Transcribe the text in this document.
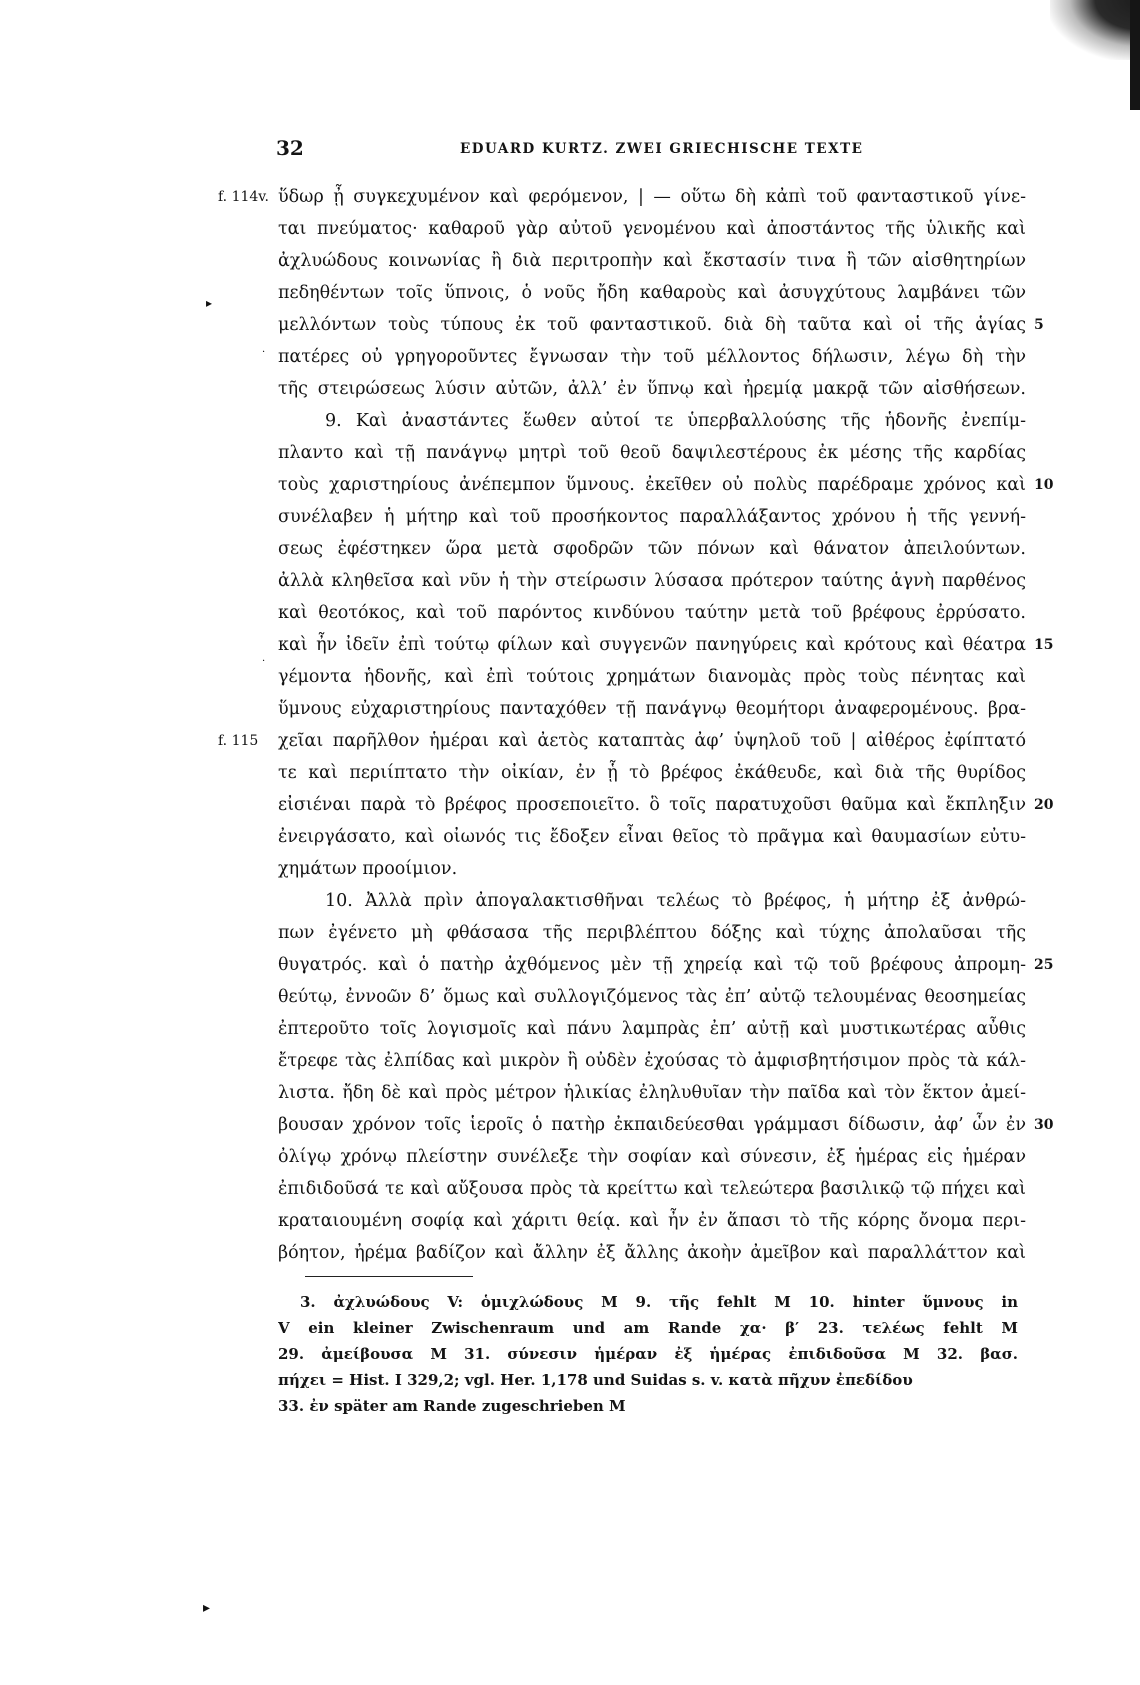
32	EDUARD KURTZ. ZWEI GRIECHISCHE TEXTE
f. 114v. ὕδωρ ᾖ συγκεχυμένον καὶ φερόμενον, | — οὕτω δὴ κἀπὶ τοῦ φανταστικοῦ γίνε-
ται πνεύματος· καθαροῦ γὰρ αὐτοῦ γενομένου καὶ ἀποστάντος τῆς ὑλικῆς καὶ
ἀχλυώδους κοινωνίας ἢ διὰ περιτροπὴν καὶ ἔκστασίν τινα ἢ τῶν αἰσθητηρίων
πεδηθέντων τοῖς ὕπνοις, ὁ νοῦς ἤδη καθαροὺς καὶ ἀσυγχύτους λαμβάνει τῶν
μελλόντων τοὺς τύπους ἐκ τοῦ φανταστικοῦ. διὰ δὴ ταῦτα καὶ οἱ τῆς ἁγίας 5
πατέρες οὐ γρηγοροῦντες ἔγνωσαν τὴν τοῦ μέλλοντος δήλωσιν, λέγω δὴ τὴν
τῆς στειρώσεως λύσιν αὐτῶν, ἀλλ’ ἐν ὕπνῳ καὶ ἠρεμίᾳ μακρᾷ τῶν αἰσθήσεων.
9. Καὶ ἀναστάντες ἕωθεν αὐτοί τε ὑπερβαλλούσης τῆς ἡδονῆς ἐνεπίμ-
πλαντο καὶ τῇ πανάγνῳ μητρὶ τοῦ θεοῦ δαψιλεστέρους ἐκ μέσης τῆς καρδίας
τοὺς χαριστηρίους ἀνέπεμπον ὕμνους. ἐκεῖθεν οὐ πολὺς παρέδραμε χρόνος καὶ 10
συνέλαβεν ἡ μήτηρ καὶ τοῦ προσήκοντος παραλλάξαντος χρόνου ἡ τῆς γεννή-
σεως ἐφέστηκεν ὥρα μετὰ σφοδρῶν τῶν πόνων καὶ θάνατον ἀπειλούντων.
ἀλλὰ κληθεῖσα καὶ νῦν ἡ τὴν στείρωσιν λύσασα πρότερον ταύτης ἁγνὴ παρθένος
καὶ θεοτόκος, καὶ τοῦ παρόντος κινδύνου ταύτην μετὰ τοῦ βρέφους ἐρρύσατο.
καὶ ἦν ἰδεῖν ἐπὶ τούτῳ φίλων καὶ συγγενῶν πανηγύρεις καὶ κρότους καὶ θέατρα 15
γέμοντα ἡδονῆς, καὶ ἐπὶ τούτοις χρημάτων διανομὰς πρὸς τοὺς πένητας καὶ
ὕμνους εὐχαριστηρίους πανταχόθεν τῇ πανάγνῳ θεομήτορι ἀναφερομένους. βρα-
f. 115 χεῖαι παρῆλθον ἡμέραι καὶ ἀετὸς καταπτὰς ἀφ’ ὑψηλοῦ τοῦ | αἰθέρος ἐφίπτατό
τε καὶ περιίπτατο τὴν οἰκίαν, ἐν ᾗ τὸ βρέφος ἐκάθευδε, καὶ διὰ τῆς θυρίδος
εἰσιέναι παρὰ τὸ βρέφος προσεποιεῖτο. ὃ τοῖς παρατυχοῦσι θαῦμα καὶ ἔκπληξιν 20
ἐνειργάσατο, καὶ οἰωνός τις ἔδοξεν εἶναι θεῖος τὸ πρᾶγμα καὶ θαυμασίων εὐτυ-
χημάτων προοίμιον.
10. Ἀλλὰ πρὶν ἀπογαλακτισθῆναι τελέως τὸ βρέφος, ἡ μήτηρ ἐξ ἀνθρώ-
πων ἐγένετο μὴ φθάσασα τῆς περιβλέπτου δόξης καὶ τύχης ἀπολαῦσαι τῆς
θυγατρός. καὶ ὁ πατὴρ ἀχθόμενος μὲν τῇ χηρείᾳ καὶ τῷ τοῦ βρέφους ἀπρομη- 25
θεύτῳ, ἐννοῶν δ’ ὅμως καὶ συλλογιζόμενος τὰς ἐπ’ αὐτῷ τελουμένας θεοσημείας
ἐπτεροῦτο τοῖς λογισμοῖς καὶ πάνυ λαμπρὰς ἐπ’ αὐτῇ καὶ μυστικωτέρας αὖθις
ἔτρεφε τὰς ἐλπίδας καὶ μικρὸν ἢ οὐδὲν ἐχούσας τὸ ἀμφισβητήσιμον πρὸς τὰ κάλ-
λιστα. ἤδη δὲ καὶ πρὸς μέτρον ἡλικίας ἐληλυθυῖαν τὴν παῖδα καὶ τὸν ἕκτον ἀμεί-
βουσαν χρόνον τοῖς ἱεροῖς ὁ πατὴρ ἐκπαιδεύεσθαι γράμμασι δίδωσιν, ἀφ’ ὧν ἐν 30
ὀλίγῳ χρόνῳ πλείστην συνέλεξε τὴν σοφίαν καὶ σύνεσιν, ἐξ ἡμέρας εἰς ἡμέραν
ἐπιδιδοῦσά τε καὶ αὔξουσα πρὸς τὰ κρείττω καὶ τελεώτερα βασιλικῷ τῷ πήχει καὶ
κραταιουμένη σοφίᾳ καὶ χάριτι θείᾳ. καὶ ἦν ἐν ἅπασι τὸ τῆς κόρης ὄνομα περι-
βόητον, ἠρέμα βαδίζον καὶ ἄλλην ἐξ ἄλλης ἀκοὴν ἀμεῖβον καὶ παραλλάττον καὶ
3. ἀχλυώδους V: ὁμιχλώδους M 9. τῆς fehlt M 10. hinter ὕμνους in
V ein kleiner Zwischenraum und am Rande χα· β′ 23. τελέως fehlt M
29. ἀμείβουσα M 31. σύνεσιν ἡμέραν ἐξ ἡμέρας ἐπιδιδοῦσα M 32. βασ.
πήχει = Hist. I 329,2; vgl. Her. 1,178 und Suidas s. v. κατὰ πῆχυν ἐπεδίδου
33. ἐν später am Rande zugeschrieben M
▸
▸
·
·
